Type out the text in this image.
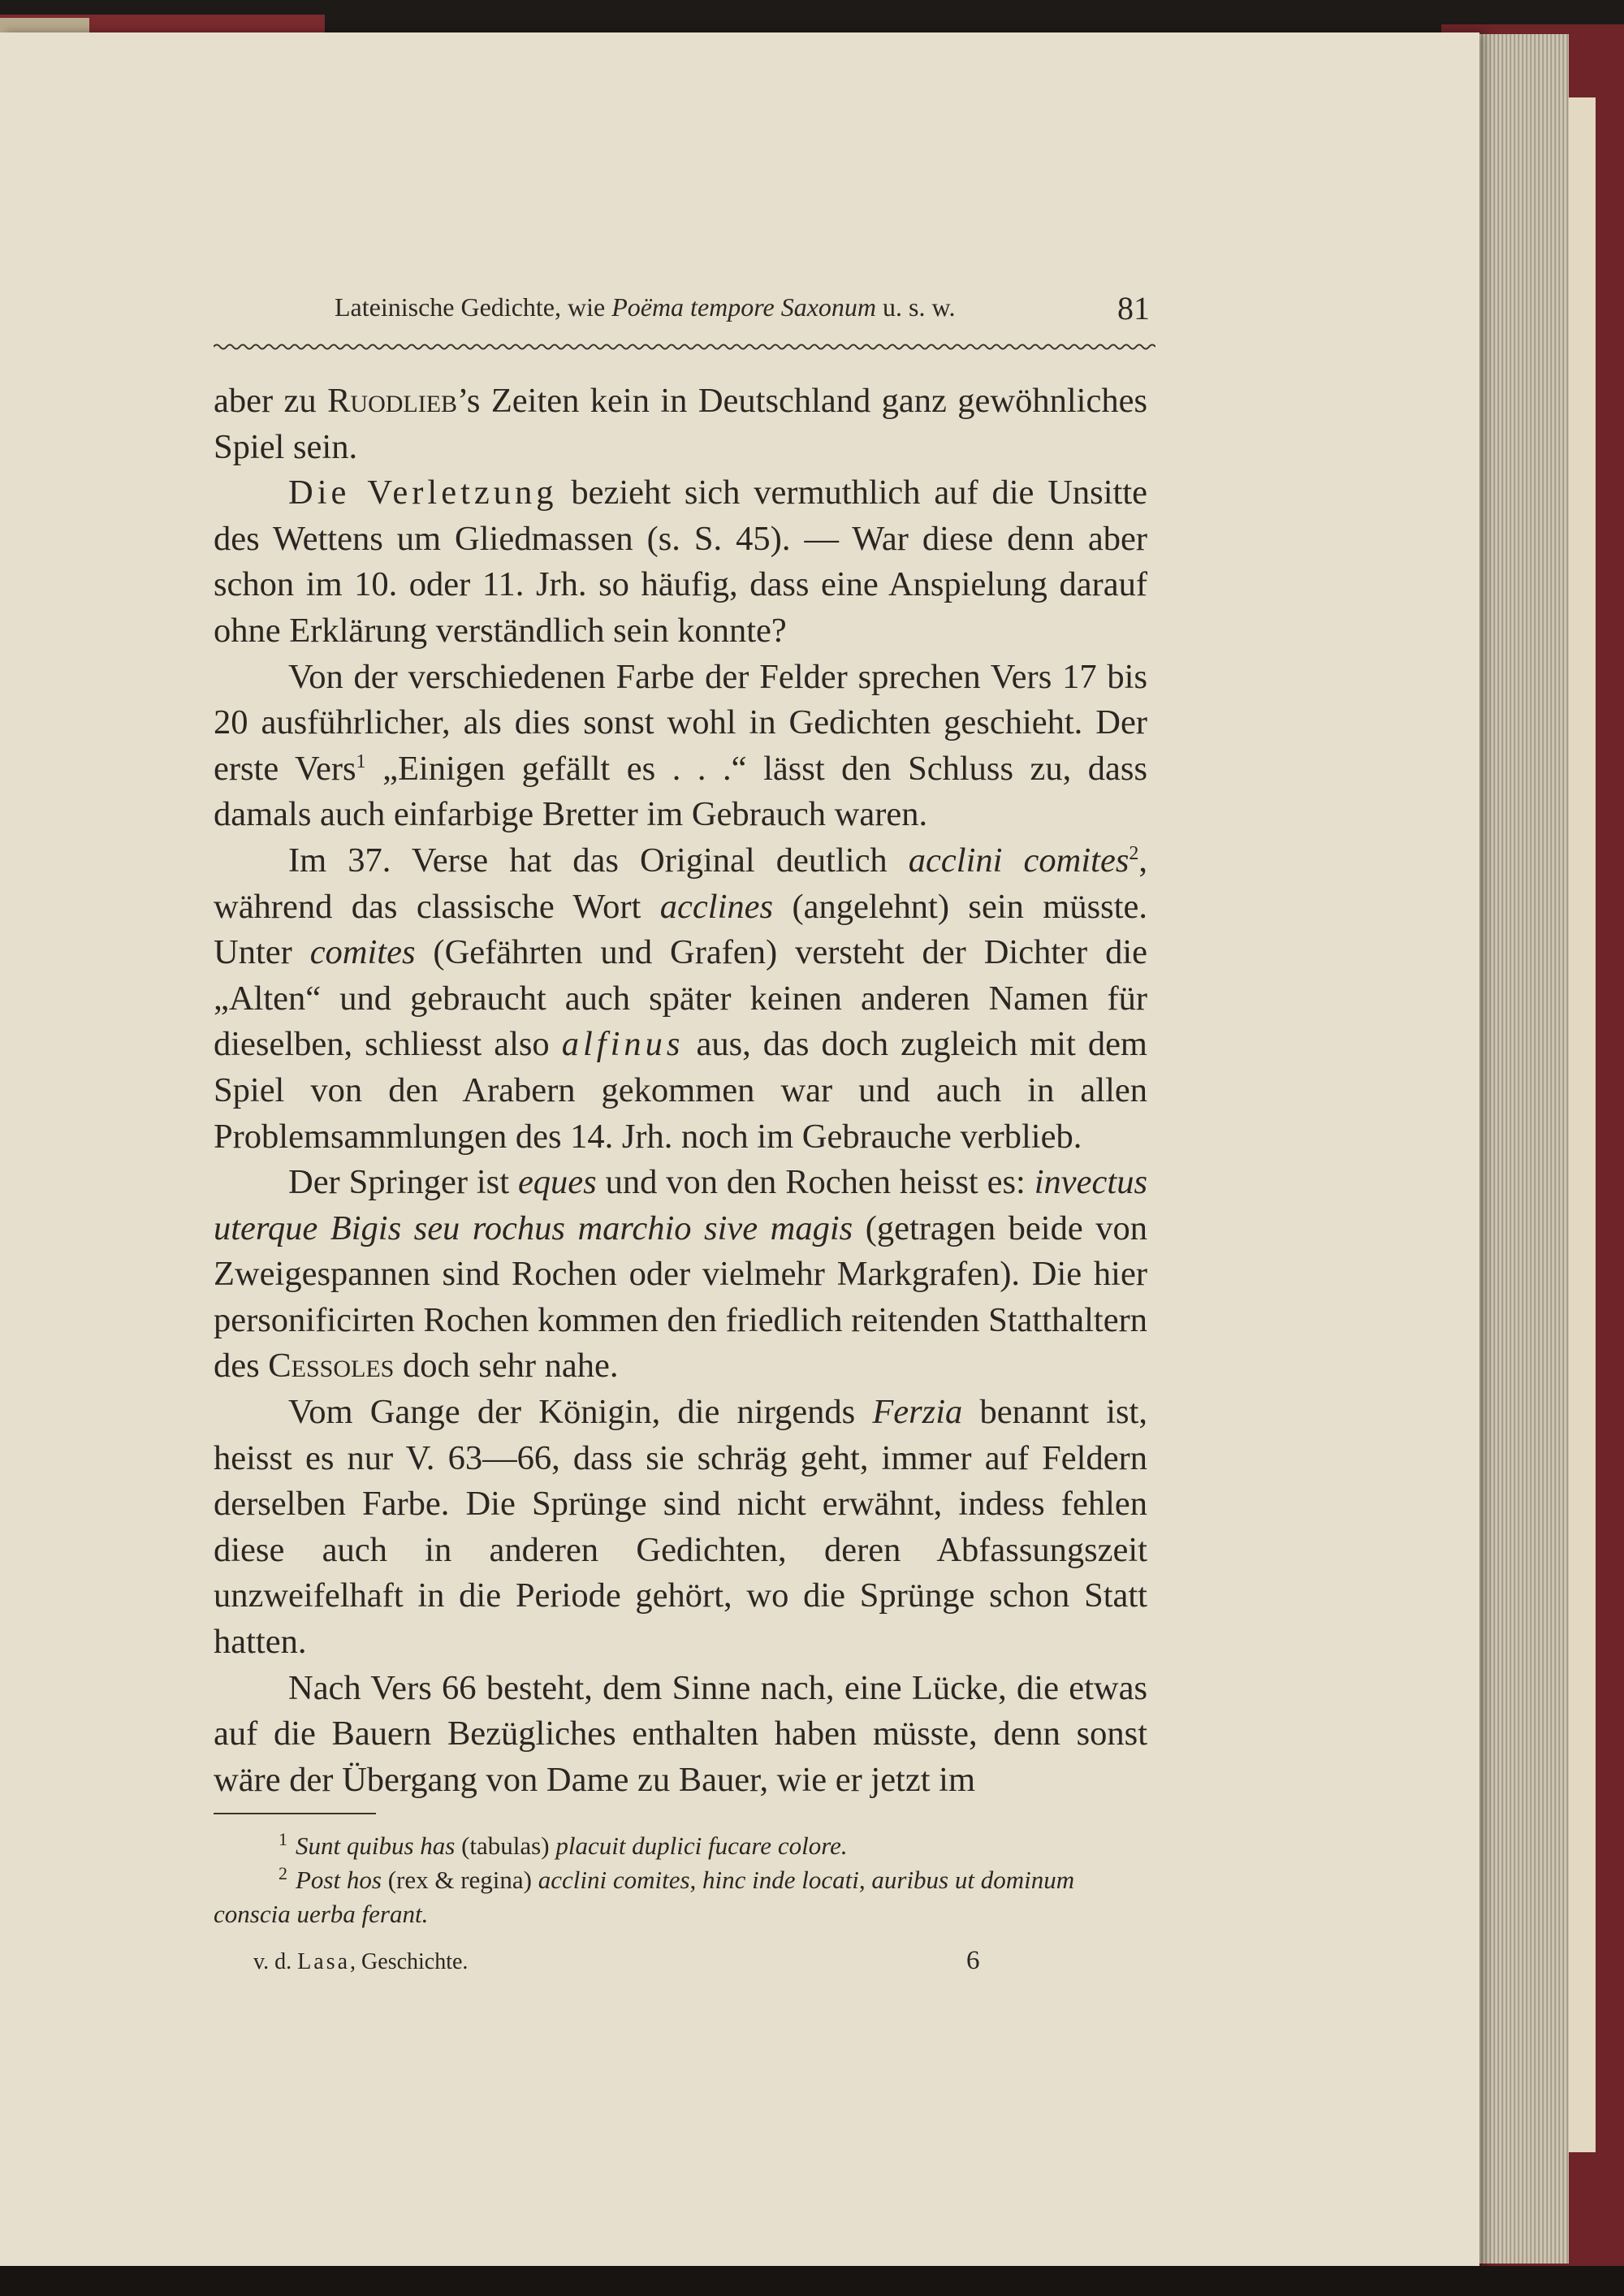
Lateinische Gedichte, wie Poëma tempore Saxonum u. s. w.	81

aber zu Ruodlieb’s Zeiten kein in Deutschland ganz gewöhnliches Spiel sein.

Die Verletzung bezieht sich vermuthlich auf die Unsitte des Wettens um Gliedmassen (s. S. 45). — War diese denn aber schon im 10. oder 11. Jrh. so häufig, dass eine Anspielung darauf ohne Erklärung verständlich sein konnte?

Von der verschiedenen Farbe der Felder sprechen Vers 17 bis 20 ausführlicher, als dies sonst wohl in Gedichten geschieht. Der erste Vers$^1$ „Einigen gefällt es . . .“ lässt den Schluss zu, dass damals auch einfarbige Bretter im Gebrauch waren.

Im 37. Verse hat das Original deutlich acclini comites$^2$, während das classische Wort acclines (angelehnt) sein müsste. Unter comites (Gefährten und Grafen) versteht der Dichter die „Alten“ und gebraucht auch später keinen anderen Namen für dieselben, schliesst also alfinus aus, das doch zugleich mit dem Spiel von den Arabern gekommen war und auch in allen Problemsammlungen des 14. Jrh. noch im Gebrauche verblieb.

Der Springer ist eques und von den Rochen heisst es: invectus uterque Bigis seu rochus marchio sive magis (getragen beide von Zweigespannen sind Rochen oder vielmehr Markgrafen). Die hier personificirten Rochen kommen den friedlich reitenden Statthaltern des Cessoles doch sehr nahe.

Vom Gange der Königin, die nirgends Ferzia benannt ist, heisst es nur V. 63—66, dass sie schräg geht, immer auf Feldern derselben Farbe. Die Sprünge sind nicht erwähnt, indess fehlen diese auch in anderen Gedichten, deren Abfassungszeit unzweifelhaft in die Periode gehört, wo die Sprünge schon Statt hatten.

Nach Vers 66 besteht, dem Sinne nach, eine Lücke, die etwas auf die Bauern Bezügliches enthalten haben müsste, denn sonst wäre der Übergang von Dame zu Bauer, wie er jetzt im

$^1$ Sunt quibus has (tabulas) placuit duplici fucare colore.

$^2$ Post hos (rex & regina) acclini comites, hinc inde locati, auribus ut dominum conscia uerba ferant.

v. d. Lasa, Geschichte.	6
